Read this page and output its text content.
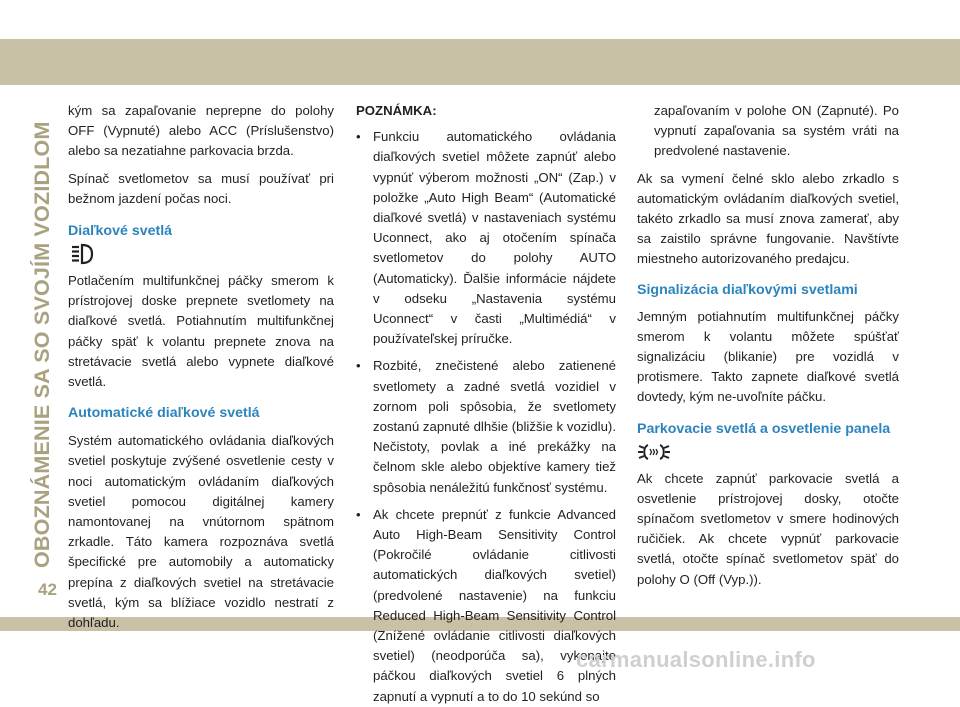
OBOZNÁMENIE SA SO SVOJÍM VOZIDLOM
42

kým sa zapaľovanie neprepne do polohy OFF (Vypnuté) alebo ACC (Príslušenstvo) alebo sa nezatiahne parkovacia brzda.

Spínač svetlometov sa musí používať pri bežnom jazdení počas noci.

Diaľkové svetlá

Potlačením multifunkčnej páčky smerom k prístrojovej doske prepnete svetlomety na diaľkové svetlá. Potiahnutím multifunkčnej páčky späť k volantu prepnete znova na stretávacie svetlá alebo vypnete diaľkové svetlá.

Automatické diaľkové svetlá

Systém automatického ovládania diaľkových svetiel poskytuje zvýšené osvetlenie cesty v noci automatickým ovládaním diaľkových svetiel pomocou digitálnej kamery namontovanej na vnútornom spätnom zrkadle. Táto kamera rozpoznáva svetlá špecifické pre automobily a automaticky prepína z diaľkových svetiel na stretávacie svetlá, kým sa blížiace vozidlo nestratí z dohľadu.

POZNÁMKA:

• Funkciu automatického ovládania diaľkových svetiel môžete zapnúť alebo vypnúť výberom možnosti „ON“ (Zap.) v položke „Auto High Beam“ (Automatické diaľkové svetlá) v nastaveniach systému Uconnect, ako aj otočením spínača svetlometov do polohy AUTO (Automaticky). Ďalšie informácie nájdete v odseku „Nastavenia systému Uconnect“ v časti „Multimédiá“ v používateľskej príručke.

• Rozbité, znečistené alebo zatienené svetlomety a zadné svetlá vozidiel v zornom poli spôsobia, že svetlomety zostanú zapnuté dlhšie (bližšie k vozidlu). Nečistoty, povlak a iné prekážky na čelnom skle alebo objektíve kamery tiež spôsobia nenáležitú funkčnosť systému.

• Ak chcete prepnúť z funkcie Advanced Auto High-Beam Sensitivity Control (Pokročilé ovládanie citlivosti automatických diaľkových svetiel) (predvolené nastavenie) na funkciu Reduced High-Beam Sensitivity Control (Znížené ovládanie citlivosti diaľkových svetiel) (neodporúča sa), vykonajte páčkou diaľkových svetiel 6 plných zapnutí a vypnutí a to do 10 sekúnd so

zapaľovaním v polohe ON (Zapnuté). Po vypnutí zapaľovania sa systém vráti na predvolené nastavenie.

Ak sa vymení čelné sklo alebo zrkadlo s automatickým ovládaním diaľkových svetiel, takéto zrkadlo sa musí znova zamerať, aby sa zaistilo správne fungovanie. Navštívte miestneho autorizovaného predajcu.

Signalizácia diaľkovými svetlami

Jemným potiahnutím multifunkčnej páčky smerom k volantu môžete spúšťať signalizáciu (blikanie) pre vozidlá v protismere. Takto zapnete diaľkové svetlá dovtedy, kým ne-uvoľníte páčku.

Parkovacie svetlá a osvetlenie panela

Ak chcete zapnúť parkovacie svetlá a osvetlenie prístrojovej dosky, otočte spínačom svetlometov v smere hodinových ručičiek. Ak chcete vypnúť parkovacie svetlá, otočte spínač svetlometov späť do polohy O (Off (Vyp.)).

carmanualsonline.info
